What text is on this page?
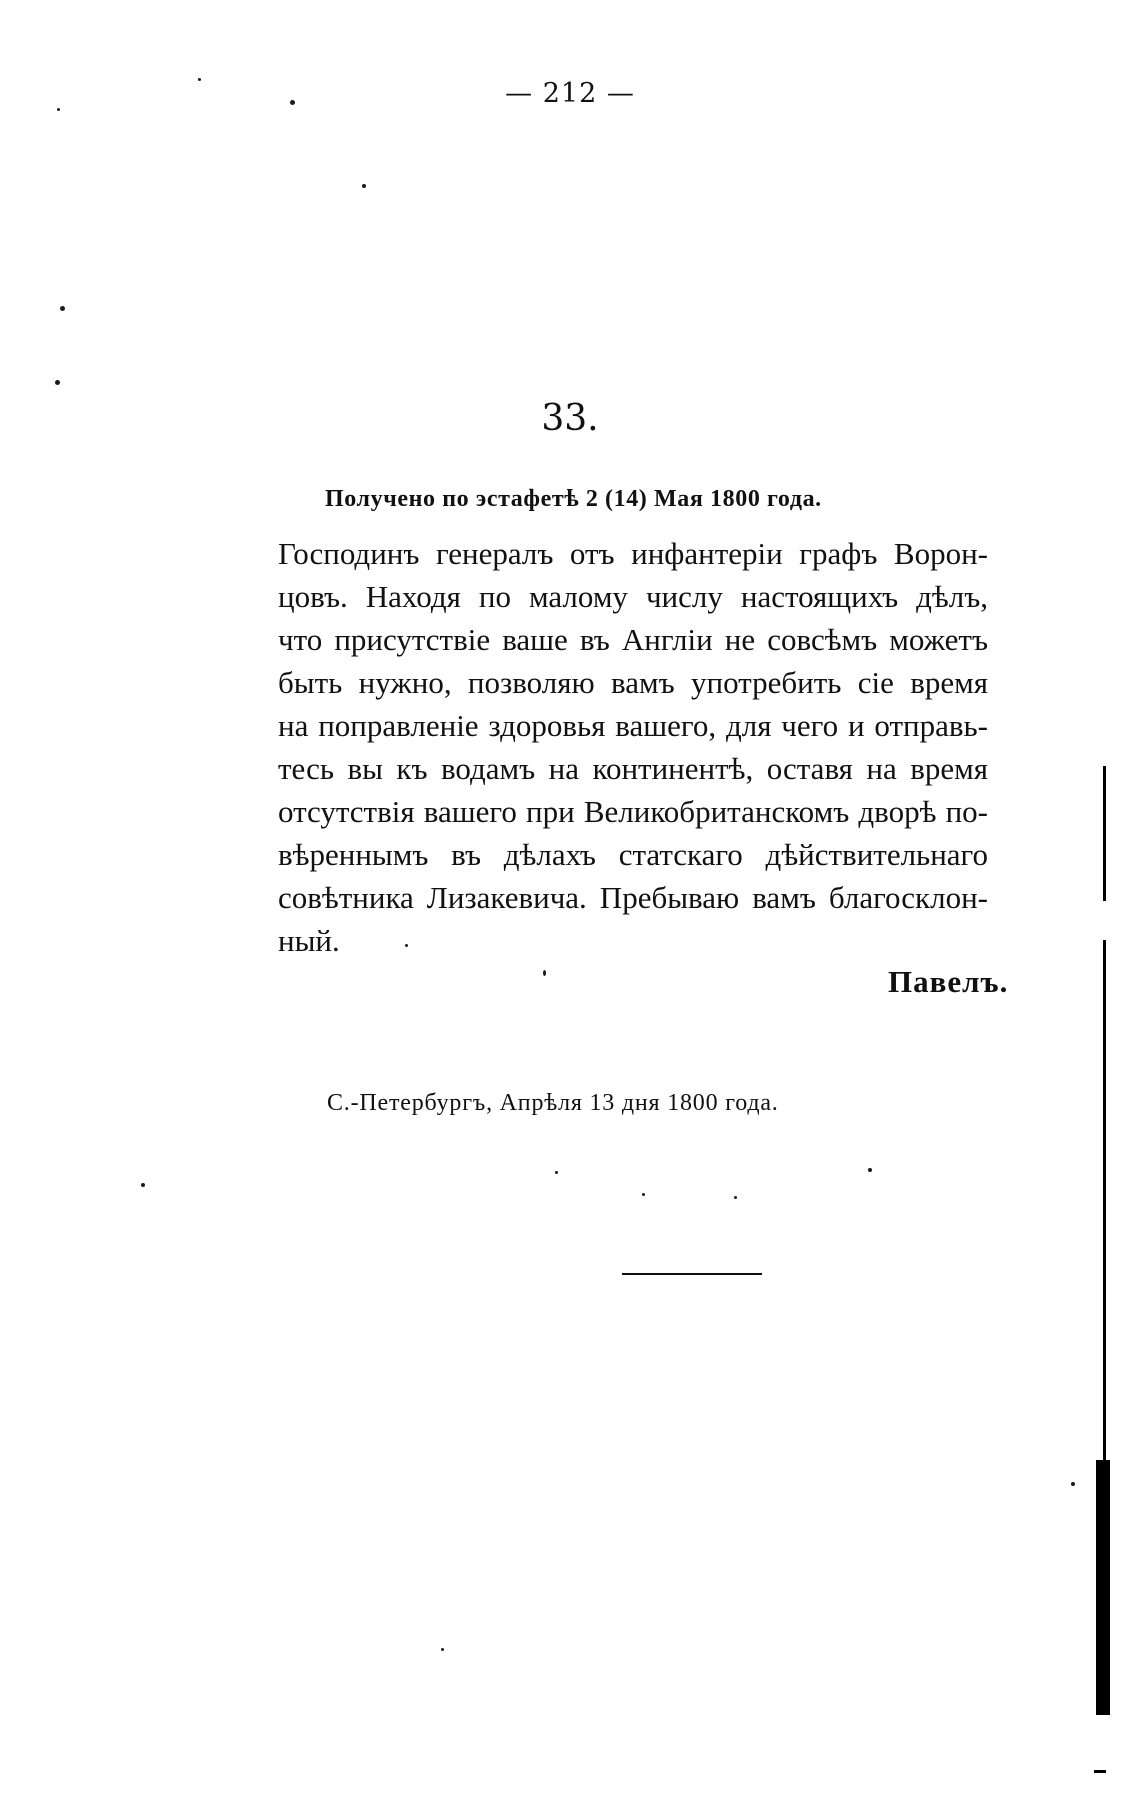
— 212 —
33.
Получено по эстафетѣ 2 (14) Мая 1800 года.
Господинъ генералъ отъ инфантеріи графъ Ворон-
цовъ. Находя по малому числу настоящихъ дѣлъ,
что присутствіе ваше въ Англіи не совсѣмъ можетъ
быть нужно, позволяю вамъ употребить сіе время
на поправленіе здоровья вашего, для чего и отправь-
тесь вы къ водамъ на континентѣ, оставя на время
отсутствія вашего при Великобританскомъ дворѣ по-
вѣреннымъ въ дѣлахъ статскаго дѣйствительнаго
совѣтника Лизакевича. Пребываю вамъ благосклон-
ный.
Павелъ.
С.-Петербургъ, Апрѣля 13 дня 1800 года.
